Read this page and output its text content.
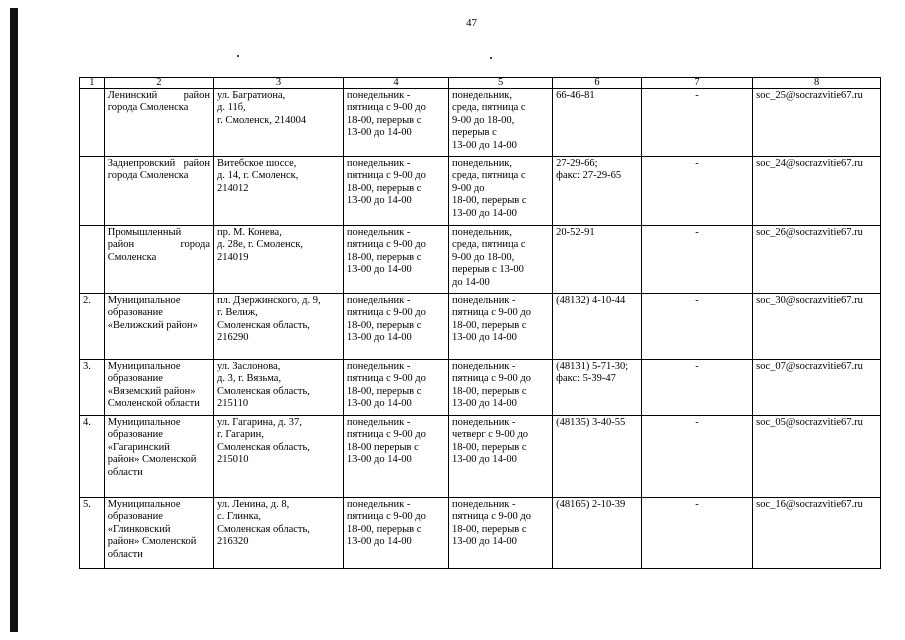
47
1	2	3	4	5	6	7	8
	Ленинский район города Смоленска	ул. Багратиона,
д. 11б,
г. Смоленск, 214004	понедельник -
пятница с 9-00 до
18-00, перерыв с
13-00 до 14-00	понедельник,
среда, пятница с
9-00 до 18-00,
перерыв с
13-00 до 14-00	66-46-81	-	soc_25@socrazvitie67.ru
	Заднепровский район города Смоленска	Витебское шоссе,
д. 14, г. Смоленск,
214012	понедельник -
пятница с 9-00 до
18-00, перерыв с
13-00 до 14-00	понедельник,
среда, пятница с
9-00 до
18-00, перерыв с
13-00 до 14-00	27-29-66;
факс: 27-29-65	-	soc_24@socrazvitie67.ru
	Промышленный район города Смоленска	пр. М. Конева,
д. 28е, г. Смоленск,
214019	понедельник -
пятница с 9-00 до
18-00, перерыв с
13-00 до 14-00	понедельник,
среда, пятница с
9-00 до 18-00,
перерыв с 13-00
до 14-00	20-52-91	-	soc_26@socrazvitie67.ru
2.	Муниципальное
образование
«Велижский район»	пл. Дзержинского, д. 9,
г. Велиж,
Смоленская область,
216290	понедельник -
пятница с 9-00 до
18-00, перерыв с
13-00 до 14-00	понедельник -
пятница с 9-00 до
18-00, перерыв с
13-00 до 14-00	(48132) 4-10-44	-	soc_30@socrazvitie67.ru
3.	Муниципальное
образование
«Вяземский район»
Смоленской области	ул. Заслонова,
д. 3, г. Вязьма,
Смоленская область,
215110	понедельник -
пятница с 9-00 до
18-00, перерыв с
13-00 до 14-00	понедельник -
пятница с 9-00 до
18-00, перерыв с
13-00 до 14-00	(48131) 5-71-30;
факс: 5-39-47	-	soc_07@socrazvitie67.ru
4.	Муниципальное
образование
«Гагаринский
район» Смоленской
области	ул. Гагарина, д. 37,
г. Гагарин,
Смоленская область,
215010	понедельник -
пятница с 9-00 до
18-00 перерыв с
13-00 до 14-00	понедельник -
четверг с 9-00 до
18-00, перерыв с
13-00 до 14-00	(48135) 3-40-55	-	soc_05@socrazvitie67.ru
5.	Муниципальное
образование
«Глинковский
район» Смоленской
области	ул. Ленина, д. 8,
с. Глинка,
Смоленская область,
216320	понедельник -
пятница с 9-00 до
18-00, перерыв с
13-00 до 14-00	понедельник -
пятница с 9-00 до
18-00, перерыв с
13-00 до 14-00	(48165) 2-10-39	-	soc_16@socrazvitie67.ru
